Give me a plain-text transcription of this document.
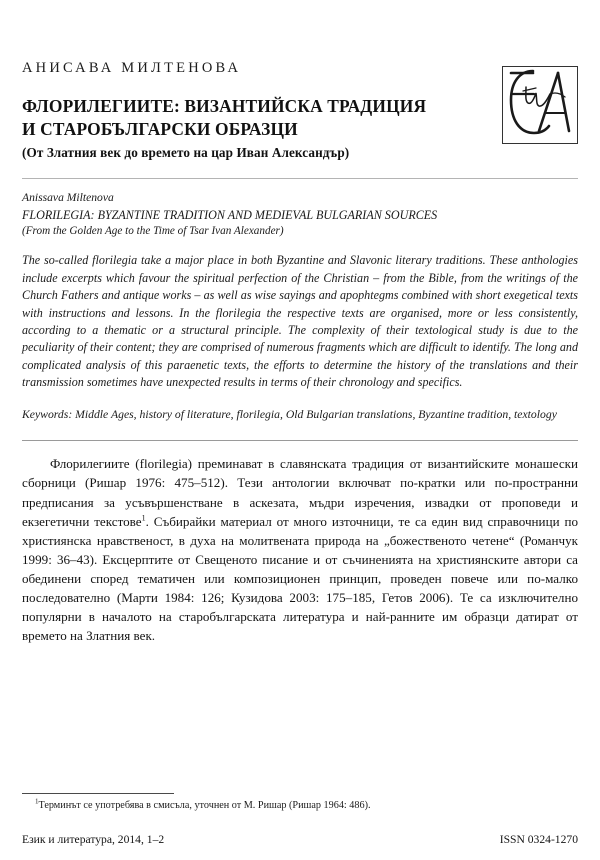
АНИСАВА МИЛТЕНОВА
ФЛОРИЛЕГИИТЕ: ВИЗАНТИЙСКА ТРАДИЦИЯ
И СТАРОБЪЛГАРСКИ ОБРАЗЦИ
(От Златния век до времето на цар Иван Александър)
Anissava Miltenova
FLORILEGIA: BYZANTINE TRADITION AND MEDIEVAL BULGARIAN SOURCES
(From the Golden Age to the Time of Tsar Ivan Alexander)
The so-called florilegia take a major place in both Byzantine and Slavonic literary traditions. These anthologies include excerpts which favour the spiritual perfection of the Christian – from the Bible, from the writings of the Church Fathers and antique works – as well as wise sayings and apophtegms combined with short exegetical texts with instructions and lessons. In the florilegia the respective texts are organised, more or less consistently, according to a thematic or a structural principle. The complexity of their textological study is due to the peculiarity of their content; they are comprised of numerous fragments which are difficult to identify. The long and complicated analysis of this paraenetic texts, the efforts to determine the history of the translations and their transmission sometimes have unexpected results in terms of their chronology and specifics.
Keywords: Middle Ages, history of literature, florilegia, Old Bulgarian translations, Byzantine tradition, textology

Флорилегиите (florilegia) преминават в славянската традиция от византийските монашески сборници (Ришар 1976: 475–512). Тези антологии включват по-кратки или по-пространни предписания за усъвършенстване в аскезата, мъдри изречения, извадки от проповеди и екзегетични текстове$^1$. Събирайки материал от много източници, те са един вид справочници по християнска нравственост, в духа на молитвената природа на „божественото четене“ (Романчук 1999: 36–43). Ексцерптите от Свещеното писание и от съчиненията на християнските автори са обединени според тематичен или композиционен принцип, проведен повече или по-малко последователно (Марти 1984: 126; Кузидова 2003: 175–185, Гетов 2006). Те са изключително популярни в началото на старобългарската литература и най-ранните им образци датират от времето на Златния век.

$^1$Терминът се употребява в смисъла, уточнен от М. Ришар (Ришар 1964: 486).
Език и литература, 2014, 1–2	ISSN 0324-1270
